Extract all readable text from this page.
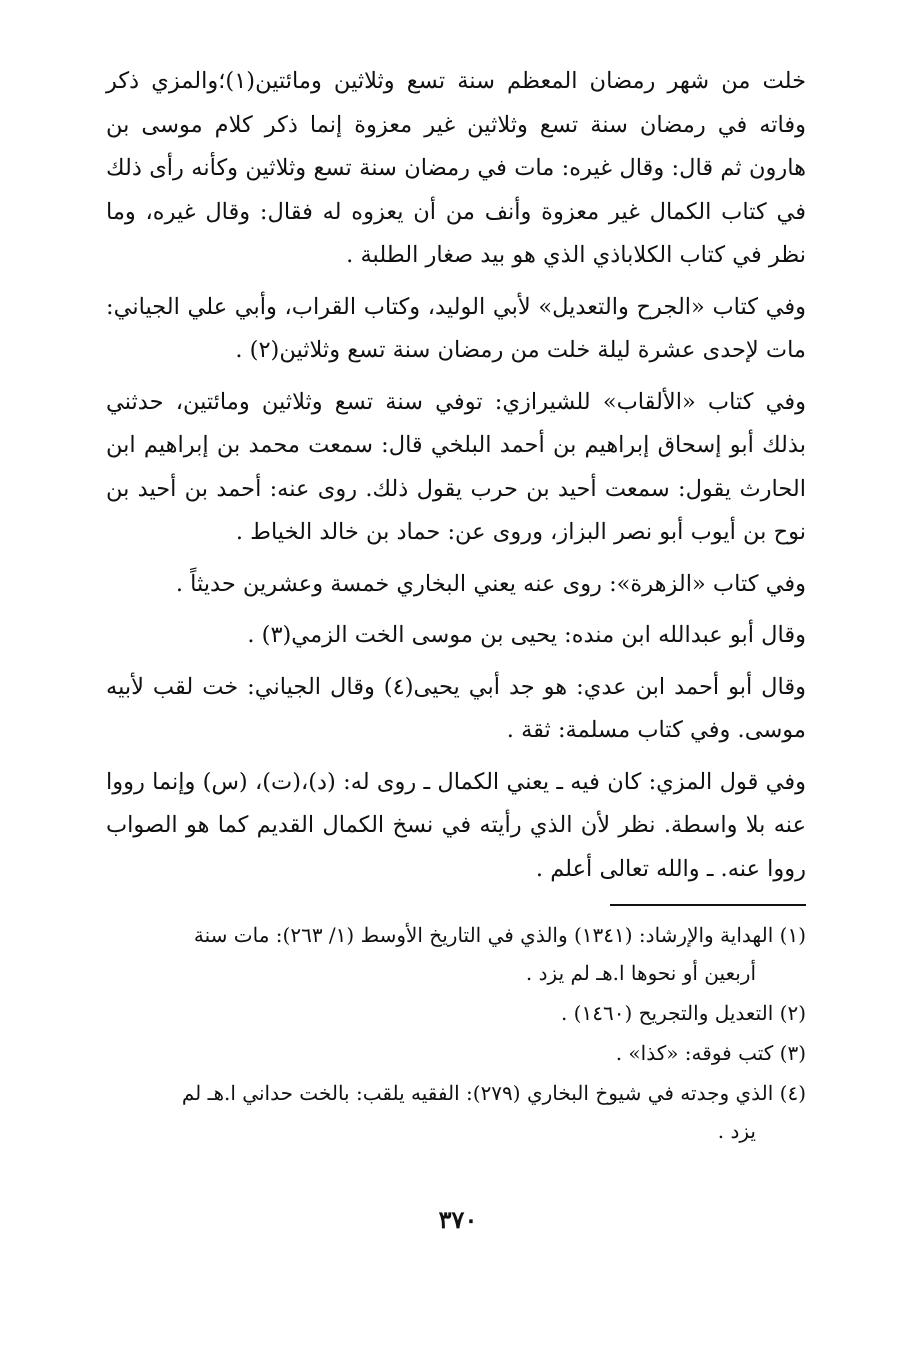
خلت من شهر رمضان المعظم سنة تسع وثلاثين ومائتين(١)؛والمزي ذكر وفاته في رمضان سنة تسع وثلاثين غير معزوة إنما ذكر كلام موسى بن هارون ثم قال: وقال غيره: مات في رمضان سنة تسع وثلاثين وكأنه رأى ذلك في كتاب الكمال غير معزوة وأنف من أن يعزوه له فقال: وقال غيره، وما نظر في كتاب الكلاباذي الذي هو بيد صغار الطلبة .

وفي كتاب «الجرح والتعديل» لأبي الوليد، وكتاب القراب، وأبي علي الجياني: مات لإحدى عشرة ليلة خلت من رمضان سنة تسع وثلاثين(٢) .

وفي كتاب «الألقاب» للشيرازي: توفي سنة تسع وثلاثين ومائتين، حدثني بذلك أبو إسحاق إبراهيم بن أحمد البلخي قال: سمعت محمد بن إبراهيم ابن الحارث يقول: سمعت أحيد بن حرب يقول ذلك. روى عنه: أحمد بن أحيد بن نوح بن أيوب أبو نصر البزاز، وروى عن: حماد بن خالد الخياط .

وفي كتاب «الزهرة»: روى عنه يعني البخاري خمسة وعشرين حديثاً .

وقال أبو عبدالله ابن منده: يحيى بن موسى الخت الزمي(٣) .

وقال أبو أحمد ابن عدي: هو جد أبي يحيى(٤) وقال الجياني: خت لقب لأبيه موسى. وفي كتاب مسلمة: ثقة .

وفي قول المزي: كان فيه ـ يعني الكمال ـ روى له: (د)،(ت)، (س) وإنما رووا عنه بلا واسطة. نظر لأن الذي رأيته في نسخ الكمال القديم كما هو الصواب رووا عنه. ـ والله تعالى أعلم .

(١) الهداية والإرشاد: (١٣٤١) والذي في التاريخ الأوسط (١/ ٢٦٣): مات سنة
أربعين أو نحوها ا.هـ لم يزد .
(٢) التعديل والتجريح (١٤٦٠) .
(٣) كتب فوقه: «كذا» .
(٤) الذي وجدته في شيوخ البخاري (٢٧٩): الفقيه يلقب: بالخت حداني ا.هـ لم
يزد .
٣٧٠
